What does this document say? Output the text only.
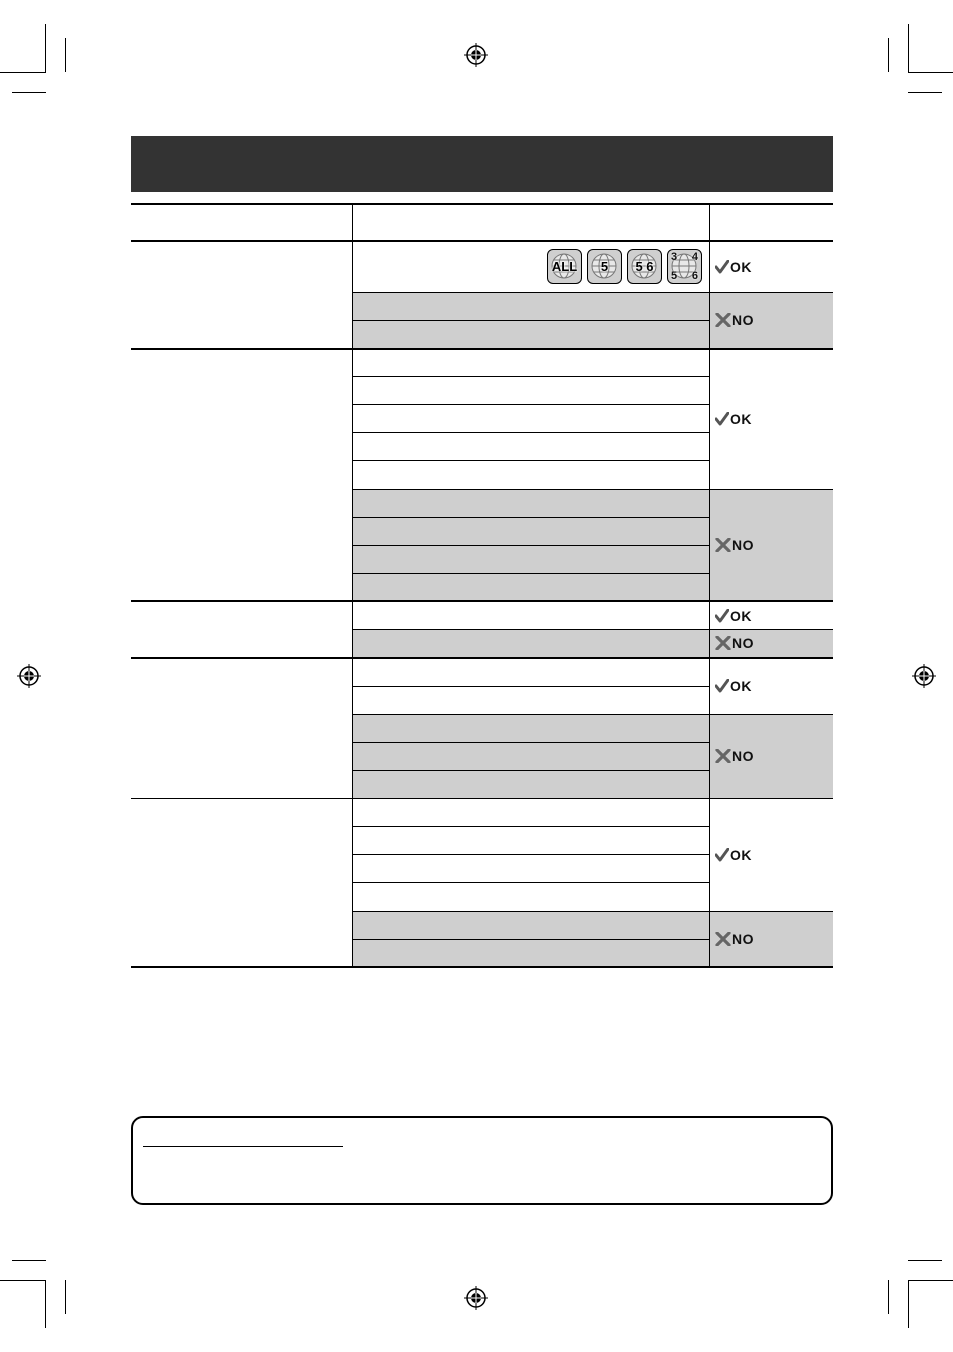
ALL 5 5 6
3 4
5 6
OK
NO
OK
NO
OK
NO
OK
NO
OK
NO
